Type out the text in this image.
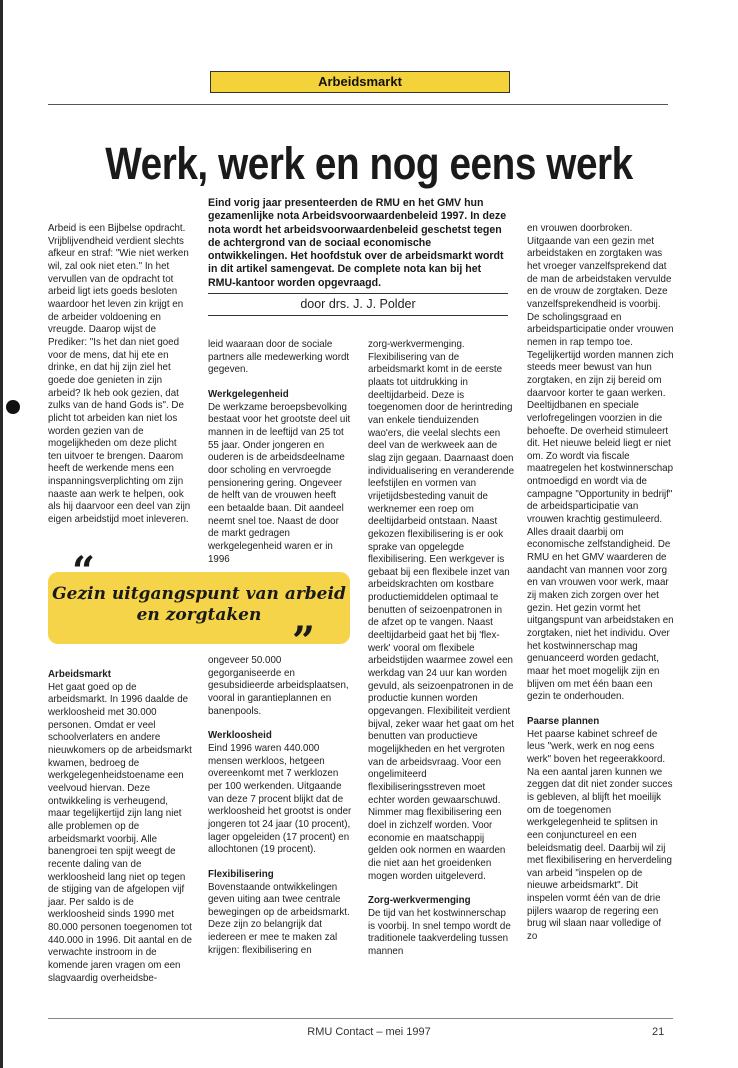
Arbeidsmarkt
Werk, werk en nog eens werk
Eind vorig jaar presenteerden de RMU en het GMV hun gezamenlijke nota Arbeidsvoorwaardenbeleid 1997. In deze nota wordt het arbeidsvoorwaardenbeleid geschetst tegen de achtergrond van de sociaal economische ontwikkelingen. Het hoofdstuk over de arbeidsmarkt wordt in dit artikel samengevat. De complete nota kan bij het RMU-kantoor worden opgevraagd.
door drs. J. J. Polder

Arbeid is een Bijbelse opdracht. Vrijblijvendheid verdient slechts afkeur en straf: "Wie niet werken wil, zal ook niet eten." In het vervullen van de opdracht tot arbeid ligt iets goeds besloten waardoor het leven zin krijgt en de arbeider voldoening en vreugde. Daarop wijst de Prediker: "Is het dan niet goed voor de mens, dat hij ete en drinke, en dat hij zijn ziel het goede doe genieten in zijn arbeid? Ik heb ook gezien, dat zulks van de hand Gods is". De plicht tot arbeiden kan niet los worden gezien van de mogelijkheden om deze plicht ten uitvoer te brengen. Daarom heeft de werkende mens een inspanningsverplichting om zijn naaste aan werk te helpen, ook als hij daarvoor een deel van zijn eigen arbeidstijd moet inleveren.

leid waaraan door de sociale partners alle medewerking wordt gegeven.

Werkgelegenheid

De werkzame beroepsbevolking bestaat voor het grootste deel uit mannen in de leeftijd van 25 tot 55 jaar. Onder jongeren en ouderen is de arbeidsdeelname door scholing en vervroegde pensionering gering. Ongeveer de helft van de vrouwen heeft een betaalde baan. Dit aandeel neemt snel toe. Naast de door de markt gedragen werkgelegenheid waren er in 1996

zorg-werkvermenging. Flexibilisering van de arbeidsmarkt komt in de eerste plaats tot uitdrukking in deeltijdarbeid. Deze is toegenomen door de herintreding van enkele tienduizenden wao'ers, die veelal slechts een deel van de werkweek aan de slag zijn gegaan. Daarnaast doen individualisering en veranderende leefstijlen en vormen van vrijetijdsbesteding vanuit de werknemer een roep om deeltijdarbeid ontstaan. Naast gekozen flexibilisering is er ook sprake van opgelegde flexibilisering. Een werkgever is gebaat bij een flexibele inzet van arbeidskrachten om kostbare productiemiddelen optimaal te benutten of seizoenpatronen in de afzet op te vangen. Naast deeltijdarbeid gaat het bij 'flex-werk' vooral om flexibele arbeidstijden waarmee zowel een werkdag van 24 uur kan worden gevuld, als seizoenpatronen in de productie kunnen worden opgevangen. Flexibiliteit verdient bijval, zeker waar het gaat om het benutten van productieve mogelijkheden en het vergroten van de arbeidsvraag. Voor een ongelimiteerd flexibiliseringsstreven moet echter worden gewaarschuwd. Nimmer mag flexibilisering een doel in zichzelf worden. Voor economie en maatschappij gelden ook normen en waarden die niet aan het groeidenken mogen worden uitgeleverd.

Zorg-werkvermenging

De tijd van het kostwinnerschap is voorbij. In snel tempo wordt de traditionele taakverdeling tussen mannen

en vrouwen doorbroken. Uitgaande van een gezin met arbeidstaken en zorgtaken was het vroeger vanzelfsprekend dat de man de arbeidstaken vervulde en de vrouw de zorgtaken. Deze vanzelfsprekendheid is voorbij. De scholingsgraad en arbeidsparticipatie onder vrouwen nemen in rap tempo toe. Tegelijkertijd worden mannen zich steeds meer bewust van hun zorgtaken, en zijn zij bereid om daarvoor korter te gaan werken. Deeltijdbanen en speciale verlofregelingen voorzien in die behoefte. De overheid stimuleert dit. Het nieuwe beleid liegt er niet om. Zo wordt via fiscale maatregelen het kostwinnerschap ontmoedigd en wordt via de campagne "Opportunity in bedrijf" de arbeidsparticipatie van vrouwen krachtig gestimuleerd. Alles draait daarbij om economische zelfstandigheid. De RMU en het GMV waarderen de aandacht van mannen voor zorg en van vrouwen voor werk, maar zij maken zich zorgen over het gezin. Het gezin vormt het uitgangspunt van arbeidstaken en zorgtaken, niet het individu. Over het kostwinnerschap mag genuanceerd worden gedacht, maar het moet mogelijk zijn en blijven om met één baan een gezin te onderhouden.

Paarse plannen

Het paarse kabinet schreef de leus "werk, werk en nog eens werk" boven het regeerakkoord. Na een aantal jaren kunnen we zeggen dat dit niet zonder succes is gebleven, al blijft het moeilijk om de toegenomen werkgelegenheid te splitsen in een conjunctureel en een beleidsmatig deel. Daarbij wil zij met flexibilisering en herverdeling van arbeid "inspelen op de nieuwe arbeidsmarkt". Dit inspelen vormt één van de drie pijlers waarop de regering een brug wil slaan naar volledige of zo

“
Gezin uitgangspunt van arbeid
en zorgtaken
”

Arbeidsmarkt

Het gaat goed op de arbeidsmarkt. In 1996 daalde de werkloosheid met 30.000 personen. Omdat er veel schoolverlaters en andere nieuwkomers op de arbeidsmarkt kwamen, bedroeg de werkgelegenheidstoename een veelvoud hiervan. Deze ontwikkeling is verheugend, maar tegelijkertijd zijn lang niet alle problemen op de arbeidsmarkt voorbij. Alle banengroei ten spijt weegt de recente daling van de werkloosheid lang niet op tegen de stijging van de afgelopen vijf jaar. Per saldo is de werkloosheid sinds 1990 met 80.000 personen toegenomen tot 440.000 in 1996. Dit aantal en de verwachte instroom in de komende jaren vragen om een slagvaardig overheidsbe-

ongeveer 50.000 gegorganiseerde en gesubsidieerde arbeidsplaatsen, vooral in garantieplannen en banenpools.

Werkloosheid

Eind 1996 waren 440.000 mensen werkloos, hetgeen overeenkomt met 7 werklozen per 100 werkenden. Uitgaande van deze 7 procent blijkt dat de werkloosheid het grootst is onder jongeren tot 24 jaar (10 procent), lager opgeleiden (17 procent) en allochtonen (19 procent).

Flexibilisering

Bovenstaande ontwikkelingen geven uiting aan twee centrale bewegingen op de arbeidsmarkt. Deze zijn zo belangrijk dat iedereen er mee te maken zal krijgen: flexibilisering en

RMU Contact – mei 1997	21
